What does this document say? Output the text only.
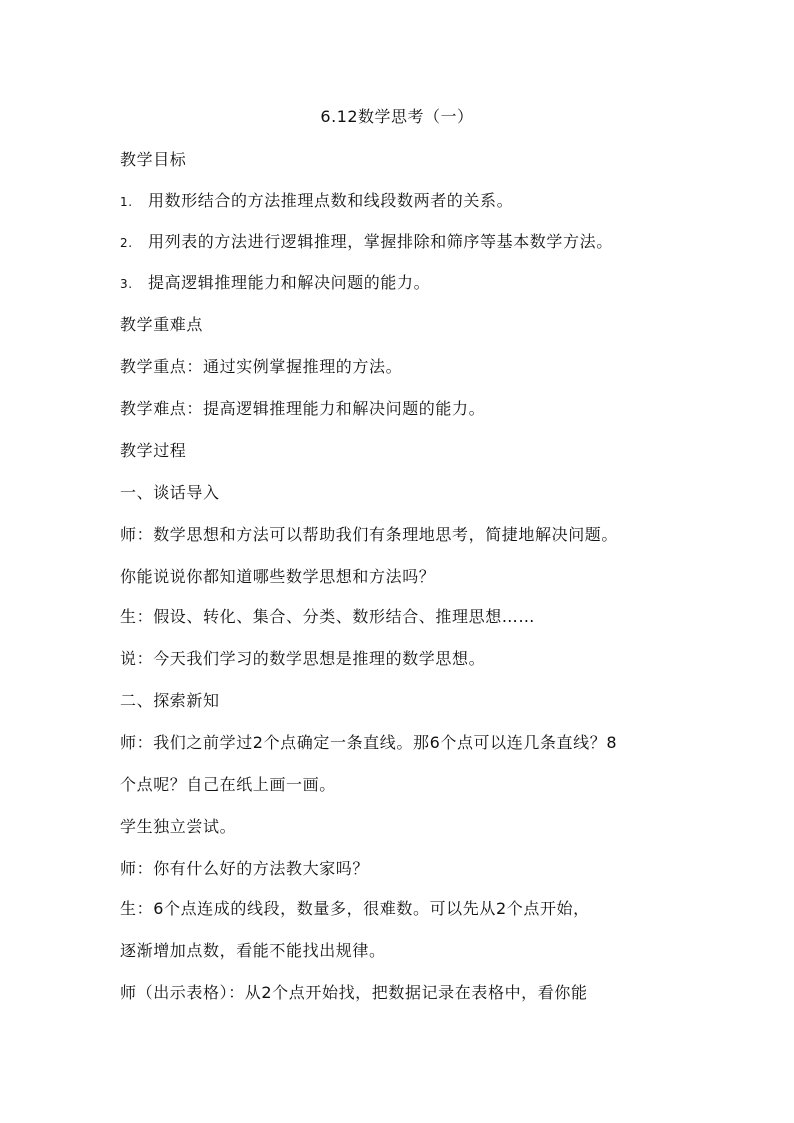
6.12数学思考（一）
教学目标
1. 用数形结合的方法推理点数和线段数两者的关系。
2. 用列表的方法进行逻辑推理，掌握排除和筛序等基本数学方法。
3. 提高逻辑推理能力和解决问题的能力。
教学重难点
教学重点：通过实例掌握推理的方法。
教学难点：提高逻辑推理能力和解决问题的能力。
教学过程
一、谈话导入
师：数学思想和方法可以帮助我们有条理地思考，简捷地解决问题。
你能说说你都知道哪些数学思想和方法吗？
生：假设、转化、集合、分类、数形结合、推理思想……
说：今天我们学习的数学思想是推理的数学思想。
二、探索新知
师：我们之前学过2个点确定一条直线。那6个点可以连几条直线？8
个点呢？自己在纸上画一画。
学生独立尝试。
师：你有什么好的方法教大家吗？
生：6个点连成的线段，数量多，很难数。可以先从2个点开始，
逐渐增加点数，看能不能找出规律。
师（出示表格）：从2个点开始找，把数据记录在表格中，看你能
